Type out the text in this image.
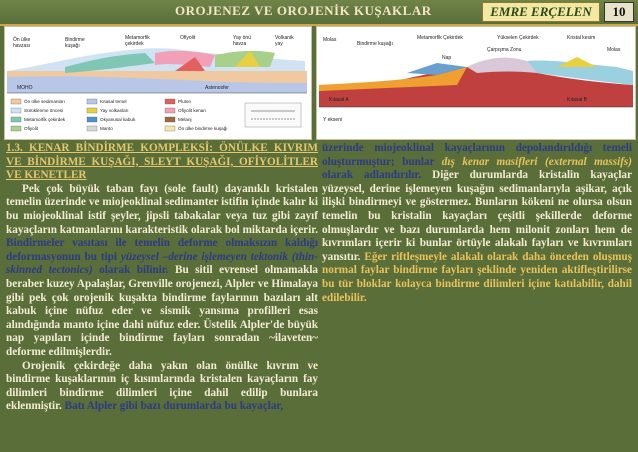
OROJENEZ VE OROJENİK KUŞAKLAR	EMRE ERÇELEN	10
Ön ülke
havzası
Bindirme
kuşağı
Metamorfik
çekirdek
Ofiyolit	Yay önü
havza
Volkanik
yay
MOHO	Astenosfer
Ön ülke sedimanları
Sürüklenme öncesi
Metamorfik çekirdek
Ofiyolit
Kıtasal temel
Yay volkanları
Okyanusal kabuk
Manto
Pluton
Ofiyolit kenarı
Melanj
Ön ülke bindirme kuşağı
Molas
Bindirme kuşağı
Metamorfik Çekirdek	Yükselen Çekirdek	Kristal kesim
Çarpışma Zonu
Nap
Kıtasal A	Kıtasal B
Molas
Y ekseni
1.3. KENAR BİNDİRME KOMPLEKSİ: ÖNÜLKE KIVRIM VE BİNDİRME KUŞAĞI, SLEYT KUŞAĞI, OFİYOLİTLER VE KENETLER
Pek çok büyük taban fayı (sole fault) dayanıklı kristalen temelin üzerinde ve miojeoklinal sedimanter istifin içinde kalır ki bu miojeoklinal istif şeyler, jipsli tabakalar veya tuz gibi zayıf kayaçların katmanlarını karakteristik olarak bol miktarda içerir. Bindirmeler vasıtası ile temelin deforme olmaksızın kaldığı deformasyonun bu tipi yüzeysel –derine işlemeyen tektonik (thin-skinned tectonics) olarak bilinir. Bu sitil evrensel olmamakla beraber kuzey Apalaşlar, Grenville orojenezi, Alpler ve Himalaya gibi pek çok orojenik kuşakta bindirme faylarının bazıları alt kabuk içine nüfuz eder ve sismik yansıma profilleri esas alındığında manto içine dahi nüfuz eder. Üstelik Alpler'de büyük nap yapıları içinde bindirme fayları sonradan ~ilaveten~ deforme edilmişlerdir.
Orojenik çekirdeğe daha yakın olan önülke kıvrım ve bindirme kuşaklarının iç kısımlarında kristalen kayaçların fay dilimleri bindirme dilimleri içine dahil edilip bunlara eklenmiştir. Batı Alpler gibi bazı durumlarda bu kayaçlar,
üzerinde miojeoklinal kayaçlarının depolandırıldığı temeli oluşturmuştur; bunlar dış kenar masifleri (external massifs) olarak adlandırılır. Diğer durumlarda kristalin kayaçlar yüzeysel, derine işlemeyen kuşağın sedimanlarıyla aşikar, açık ilişki bindirmeyi ve göstermez. Bunların kökeni ne olursa olsun temelin bu kristalin kayaçları çeşitli şekillerde deforme olmuşlardır ve bazı durumlarda hem milonit zonları hem de kıvrımları içerir ki bunlar örtüyle alakalı fayları ve kıvrımları yansıtır. Eğer riftleşmeyle alakalı olarak daha önceden oluşmuş normal faylar bindirme fayları şeklinde yeniden aktifleştirilirse bu tür bloklar kolayca bindirme dilimleri içine katılabilir, dahil edilebilir.
